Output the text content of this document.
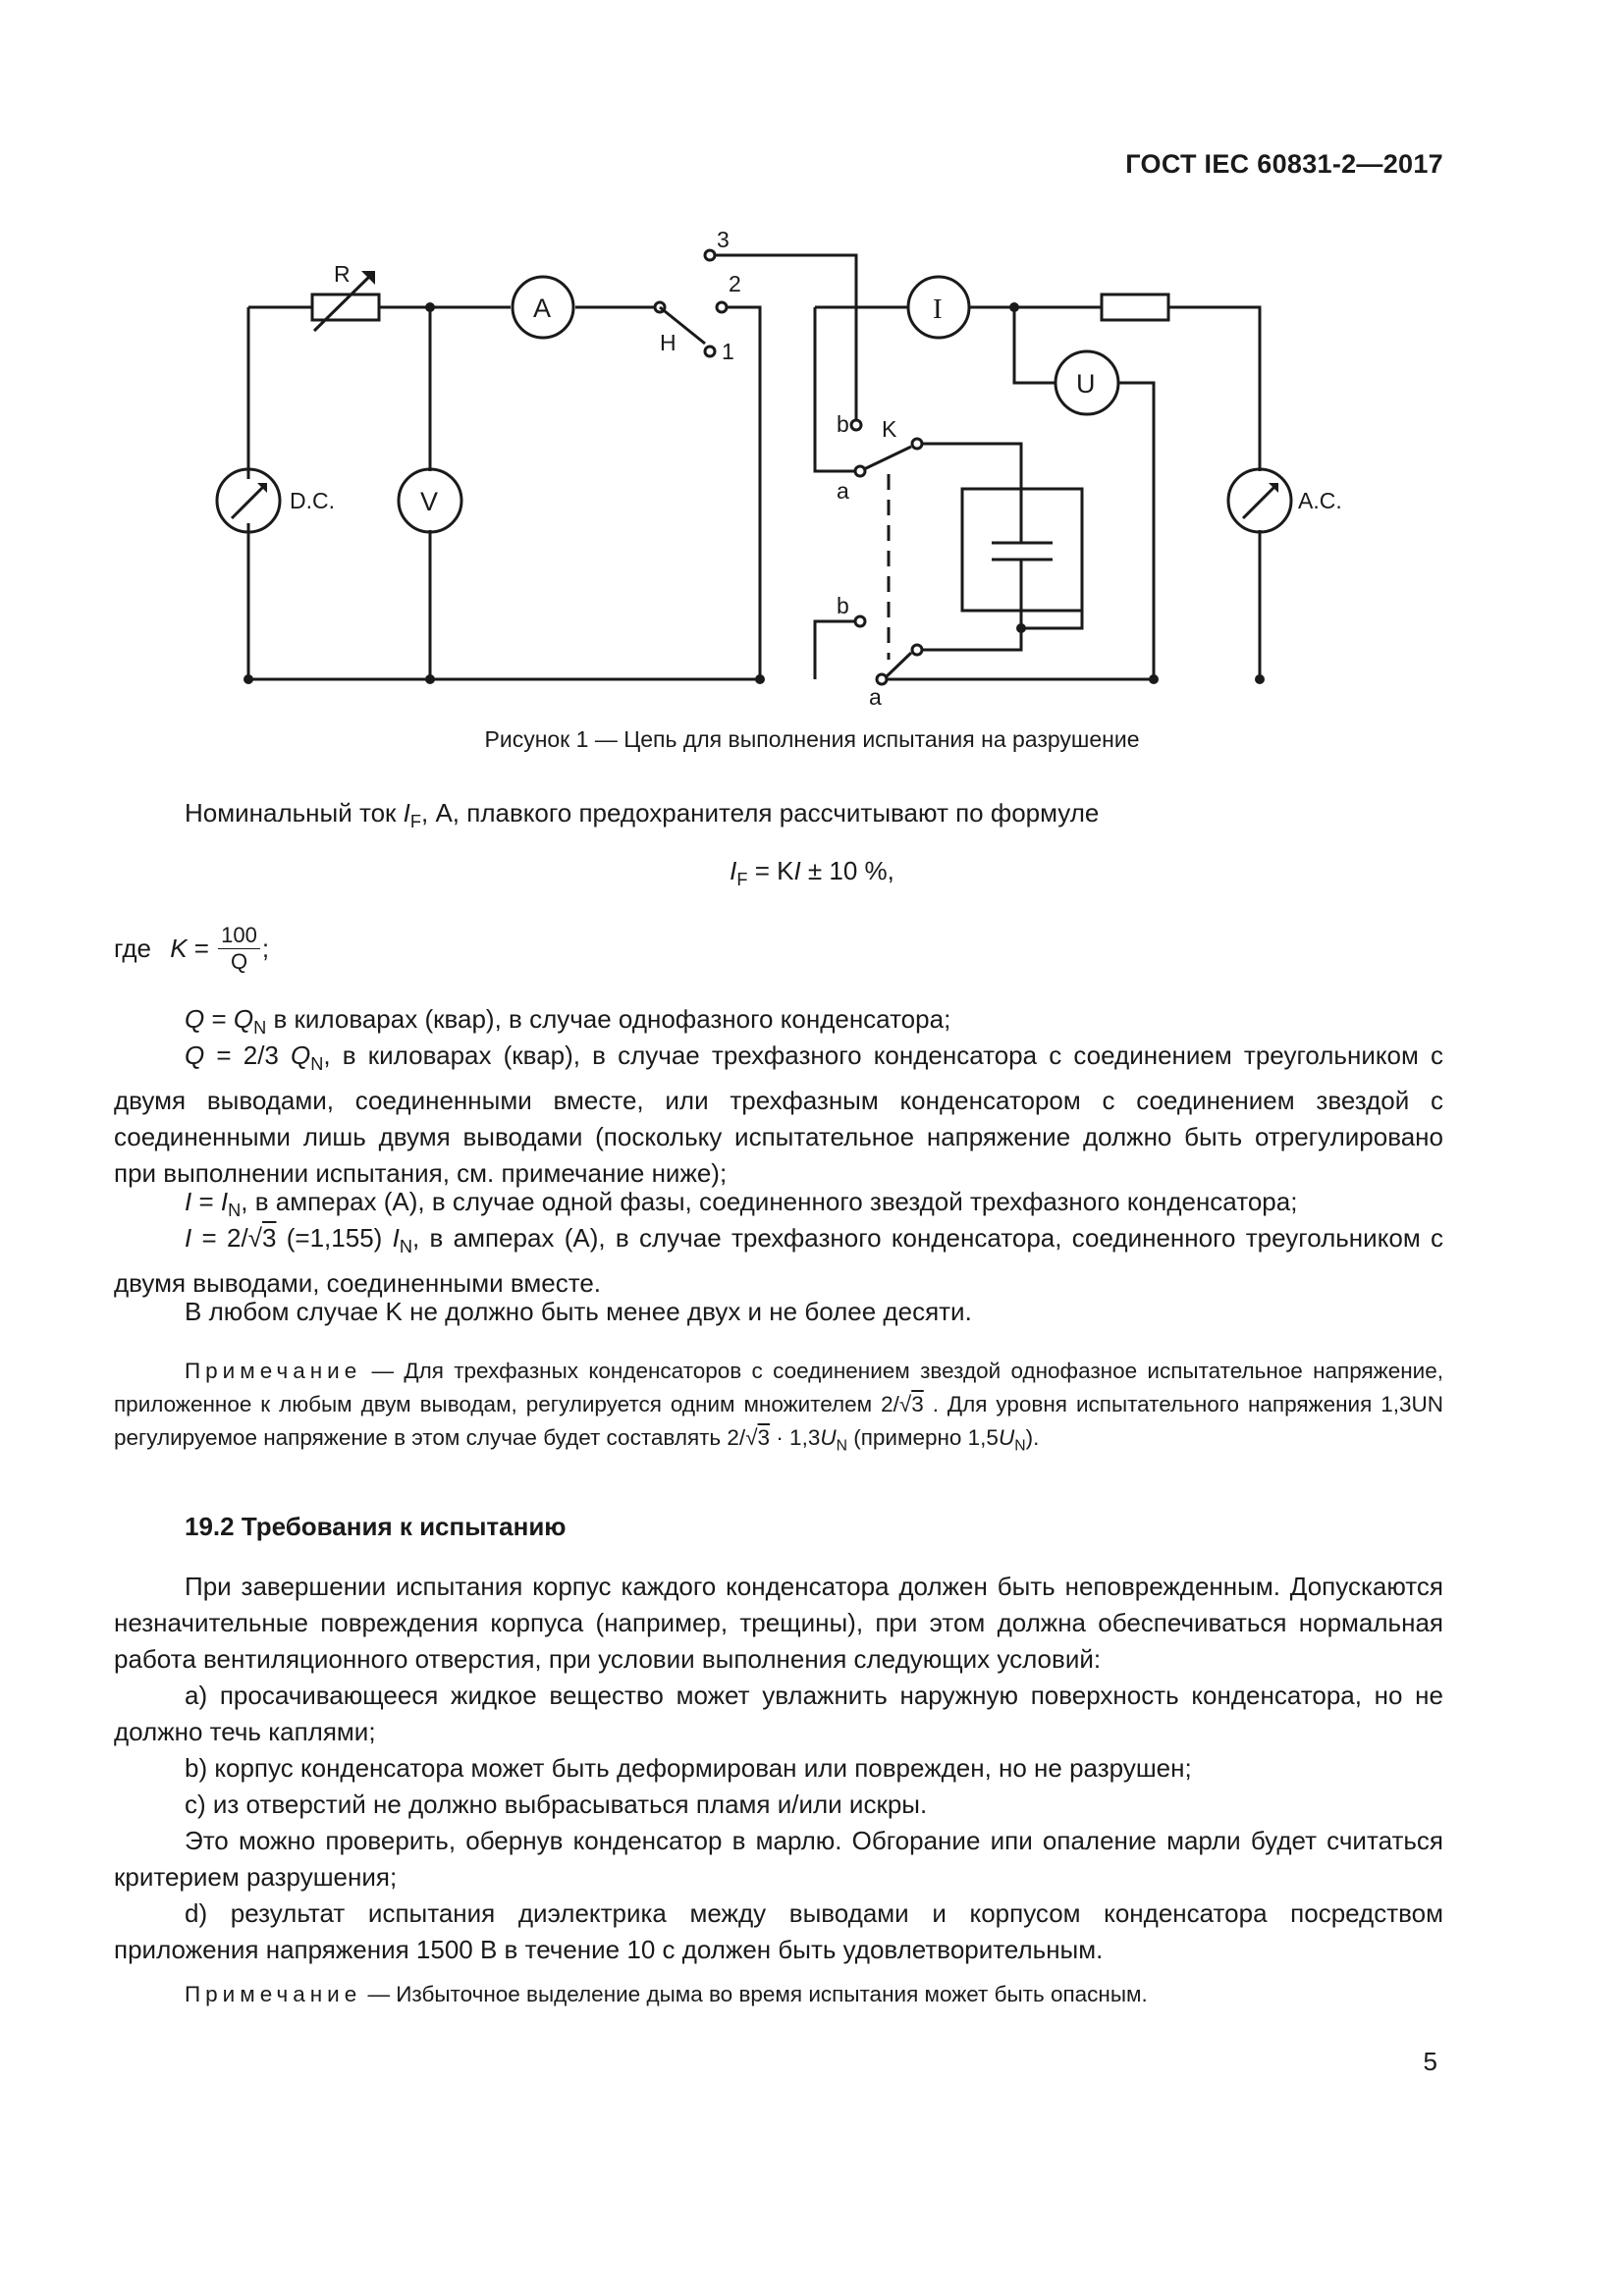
ГОСТ IEC 60831-2—2017
R
A
H 1
2
3
I
U
V
K
b
a
b
a
D.C.	A.C.
Рисунок 1 — Цепь для выполнения испытания на разрушение
Номинальный ток $I_F$, А, плавкого предохранителя рассчитывают по формуле
$I_F$ = KI ± 10 %,
где $K = \frac{100}{Q}$ ;
$Q = Q_N$ в киловарах (квар), в случае однофазного конденсатора;
Q = 2/3 $Q_N$, в киловарах (квар), в случае трехфазного конденсатора с соединением треугольником с двумя выводами, соединенными вместе, или трехфазным конденсатором с соединением звездой с соединенными лишь двумя выводами (поскольку испытательное напряжение должно быть отрегулировано при выполнении испытания, см. примечание ниже);
$I = I_N$, в амперах (А), в случае одной фазы, соединенного звездой трехфазного конденсатора;
I = 2/√3 (=1,155) $I_N$, в амперах (А), в случае трехфазного конденсатора, соединенного треугольником с двумя выводами, соединенными вместе.
В любом случае K не должно быть менее двух и не более десяти.
Примечание — Для трехфазных конденсаторов с соединением звездой однофазное испытательное напряжение, приложенное к любым двум выводам, регулируется одним множителем 2/√3 . Для уровня испытательного напряжения 1,3UN регулируемое напряжение в этом случае будет составлять $2/√3 \cdot 1,3U_N$ (примерно $1,5U_N$).
19.2 Требования к испытанию
При завершении испытания корпус каждого конденсатора должен быть неповрежденным. Допускаются незначительные повреждения корпуса (например, трещины), при этом должна обеспечиваться нормальная работа вентиляционного отверстия, при условии выполнения следующих условий:
a) просачивающееся жидкое вещество может увлажнить наружную поверхность конденсатора, но не должно течь каплями;
b) корпус конденсатора может быть деформирован или поврежден, но не разрушен;
c) из отверстий не должно выбрасываться пламя и/или искры.
Это можно проверить, обернув конденсатор в марлю. Обгорание ипи опаление марли будет считаться критерием разрушения;
d) результат испытания диэлектрика между выводами и корпусом конденсатора посредством приложения напряжения 1500 В в течение 10 с должен быть удовлетворительным.
Примечание — Избыточное выделение дыма во время испытания может быть опасным.
5
